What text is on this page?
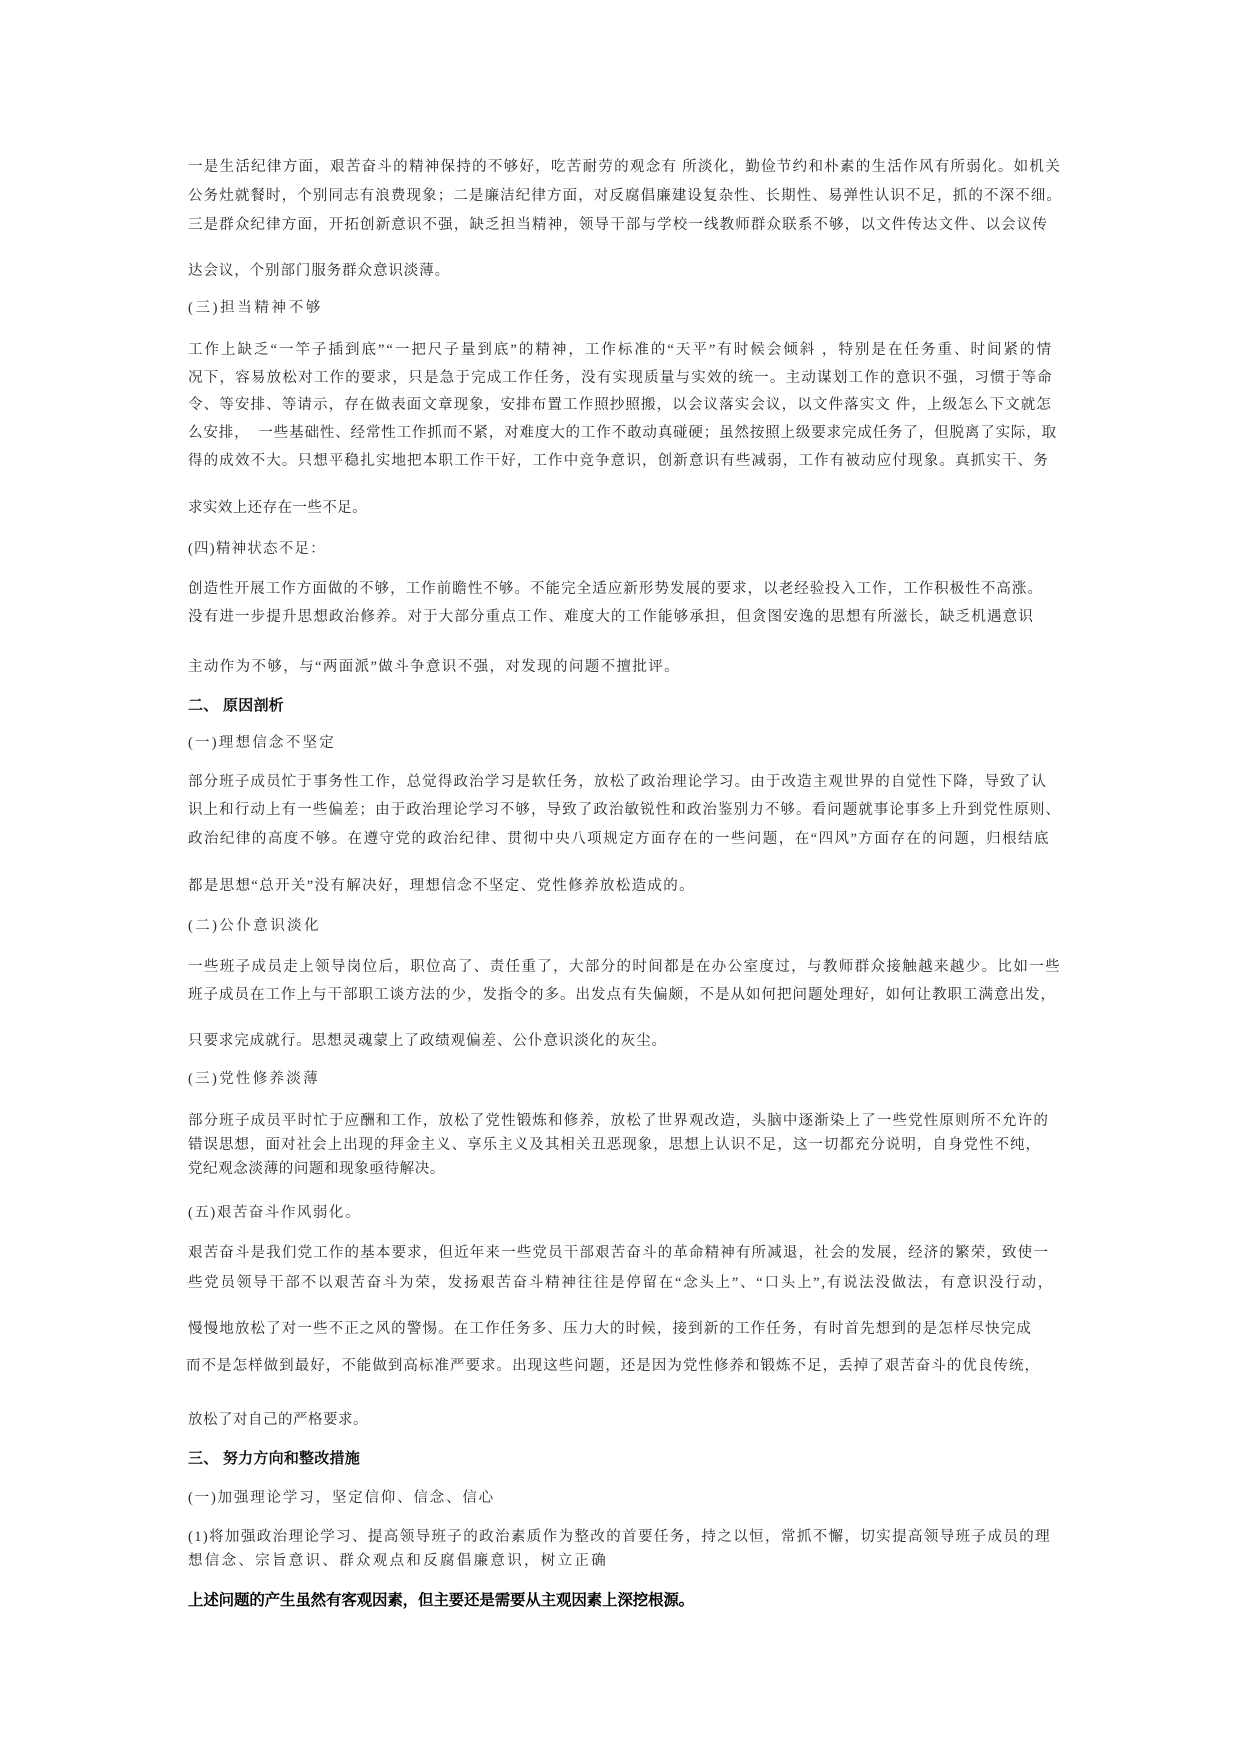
一是生活纪律方面，艰苦奋斗的精神保持的不够好，吃苦耐劳的观念有 所淡化，勤俭节约和朴素的生活作风有所弱化。如机关
公务灶就餐时，个别同志有浪费现象；二是廉洁纪律方面，对反腐倡廉建设复杂性、长期性、易弹性认识不足，抓的不深不细。
三是群众纪律方面，开拓创新意识不强，缺乏担当精神，领导干部与学校一线教师群众联系不够，以文件传达文件、以会议传
达会议，个别部门服务群众意识淡薄。
(三)担当精神不够
工作上缺乏“一竿子插到底”“一把尺子量到底”的精神，工作标准的“天平”有时候会倾斜 ，特别是在任务重、时间紧的情
况下，容易放松对工作的要求，只是急于完成工作任务，没有实现质量与实效的统一。主动谋划工作的意识不强，习惯于等命
令、等安排、等请示，存在做表面文章现象，安排布置工作照抄照搬，以会议落实会议，以文件落实文 件，上级怎么下文就怎
么安排，  一些基础性、经常性工作抓而不紧，对难度大的工作不敢动真碰硬；虽然按照上级要求完成任务了，但脱离了实际，取
得的成效不大。只想平稳扎实地把本职工作干好，工作中竞争意识，创新意识有些减弱，工作有被动应付现象。真抓实干、务
求实效上还存在一些不足。
(四)精神状态不足：
创造性开展工作方面做的不够，工作前瞻性不够。不能完全适应新形势发展的要求，以老经验投入工作，工作积极性不高涨。
没有进一步提升思想政治修养。对于大部分重点工作、难度大的工作能够承担，但贪图安逸的思想有所滋长，缺乏机遇意识
主动作为不够，与“两面派”做斗争意识不强，对发现的问题不擅批评。
二、 原因剖析
(一)理想信念不坚定
部分班子成员忙于事务性工作，总觉得政治学习是软任务，放松了政治理论学习。由于改造主观世界的自觉性下降，导致了认
识上和行动上有一些偏差；由于政治理论学习不够，导致了政治敏锐性和政治鉴别力不够。看问题就事论事多上升到党性原则、
政治纪律的高度不够。在遵守党的政治纪律、贯彻中央八项规定方面存在的一些问题，在“四风”方面存在的问题，归根结底
都是思想“总开关”没有解决好，理想信念不坚定、党性修养放松造成的。
(二)公仆意识淡化
一些班子成员走上领导岗位后，职位高了、责任重了，大部分的时间都是在办公室度过，与教师群众接触越来越少。比如一些
班子成员在工作上与干部职工谈方法的少，发指令的多。出发点有失偏颇，不是从如何把问题处理好，如何让教职工满意出发，
只要求完成就行。思想灵魂蒙上了政绩观偏差、公仆意识淡化的灰尘。
(三)党性修养淡薄
部分班子成员平时忙于应酬和工作，放松了党性锻炼和修养，放松了世界观改造，头脑中逐渐染上了一些党性原则所不允许的
错误思想，面对社会上出现的拜金主义、享乐主义及其相关丑恶现象，思想上认识不足，这一切都充分说明，自身党性不纯，
党纪观念淡薄的问题和现象亟待解决。
(五)艰苦奋斗作风弱化。
艰苦奋斗是我们党工作的基本要求，但近年来一些党员干部艰苦奋斗的革命精神有所减退，社会的发展，经济的繁荣，致使一
些党员领导干部不以艰苦奋斗为荣，发扬艰苦奋斗精神往往是停留在“念头上”、“口头上”,有说法没做法，有意识没行动，
慢慢地放松了对一些不正之风的警惕。在工作任务多、压力大的时候，接到新的工作任务，有时首先想到的是怎样尽快完成
而不是怎样做到最好，不能做到高标准严要求。出现这些问题，还是因为党性修养和锻炼不足，丢掉了艰苦奋斗的优良传统，
放松了对自己的严格要求。
三、 努力方向和整改措施
(一)加强理论学习，坚定信仰、信念、信心
(1)将加强政治理论学习、提高领导班子的政治素质作为整改的首要任务，持之以恒，常抓不懈，切实提高领导班子成员的理
想信念、宗旨意识、群众观点和反腐倡廉意识，树立正确
上述问题的产生虽然有客观因素，但主要还是需要从主观因素上深挖根源。
